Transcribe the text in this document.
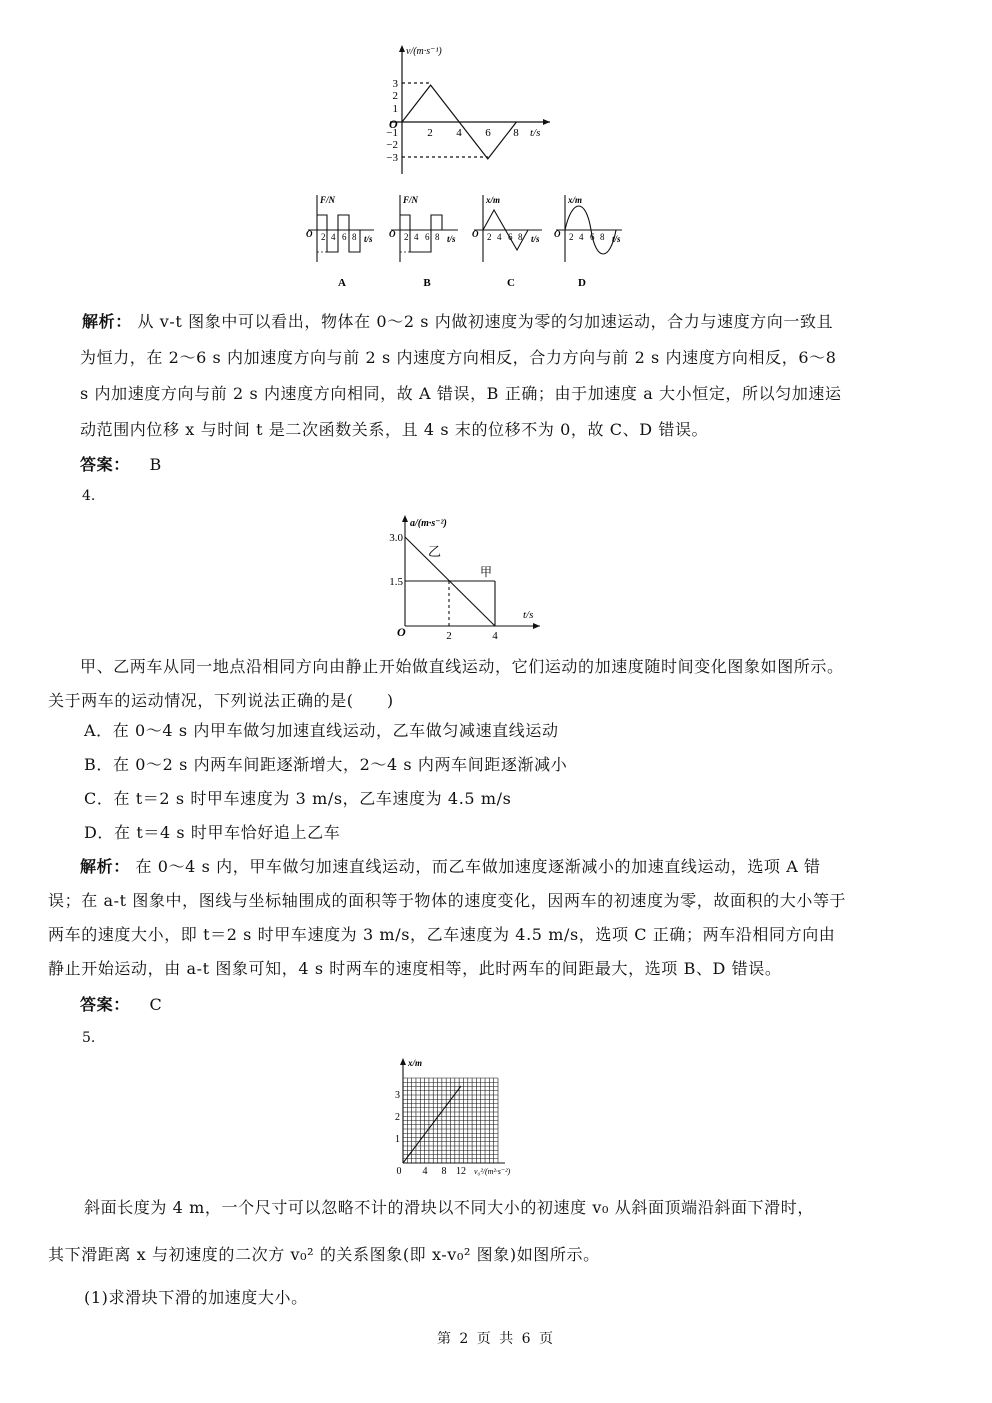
v/(m·s⁻¹)
t/s
O
3
2
1
−1
−2
−3
2 4 6 8
F/N	F/N	x/m	x/m
t/s	t/s	t/s	t/s
O	O	O	O
2 4 6 8	2 4 6 8	2 4 6 8	2 4 6 8
A	B	C	D
解析： 从 v-t 图象中可以看出，物体在 0～2 s 内做初速度为零的匀加速运动，合力与速度方向一致且为恒力，在 2～6 s 内加速度方向与前 2 s 内速度方向相反，合力方向与前 2 s 内速度方向相反，6～8 s 内加速度方向与前 2 s 内速度方向相同，故 A 错误，B 正确；由于加速度 a 大小恒定，所以匀加速运动范围内位移 x 与时间 t 是二次函数关系，且 4 s 末的位移不为 0，故 C、D 错误。
答案： B
4.
a/(m·s⁻²)
t/s
O
3.0
1.5
2	4
乙
甲
甲、乙两车从同一地点沿相同方向由静止开始做直线运动，它们运动的加速度随时间变化图象如图所示。关于两车的运动情况，下列说法正确的是(　　)
A．在 0～4 s 内甲车做匀加速直线运动，乙车做匀减速直线运动
B．在 0～2 s 内两车间距逐渐增大，2～4 s 内两车间距逐渐减小
C．在 t＝2 s 时甲车速度为 3 m/s，乙车速度为 4.5 m/s
D．在 t＝4 s 时甲车恰好追上乙车
解析： 在 0～4 s 内，甲车做匀加速直线运动，而乙车做加速度逐渐减小的加速直线运动，选项 A 错误；在 a-t 图象中，图线与坐标轴围成的面积等于物体的速度变化，因两车的初速度为零，故面积的大小等于两车的速度大小，即 t＝2 s 时甲车速度为 3 m/s，乙车速度为 4.5 m/s，选项 C 正确；两车沿相同方向由静止开始运动，由 a-t 图象可知，4 s 时两车的速度相等，此时两车的间距最大，选项 B、D 错误。
答案： C
5.
x/m
v₀²/(m²·s⁻²)
0
3
2
1
4 8 12
斜面长度为 4 m，一个尺寸可以忽略不计的滑块以不同大小的初速度 v₀ 从斜面顶端沿斜面下滑时，
其下滑距离 x 与初速度的二次方 v₀² 的关系图象(即 x-v₀² 图象)如图所示。
(1)求滑块下滑的加速度大小。
第 2 页 共 6 页
